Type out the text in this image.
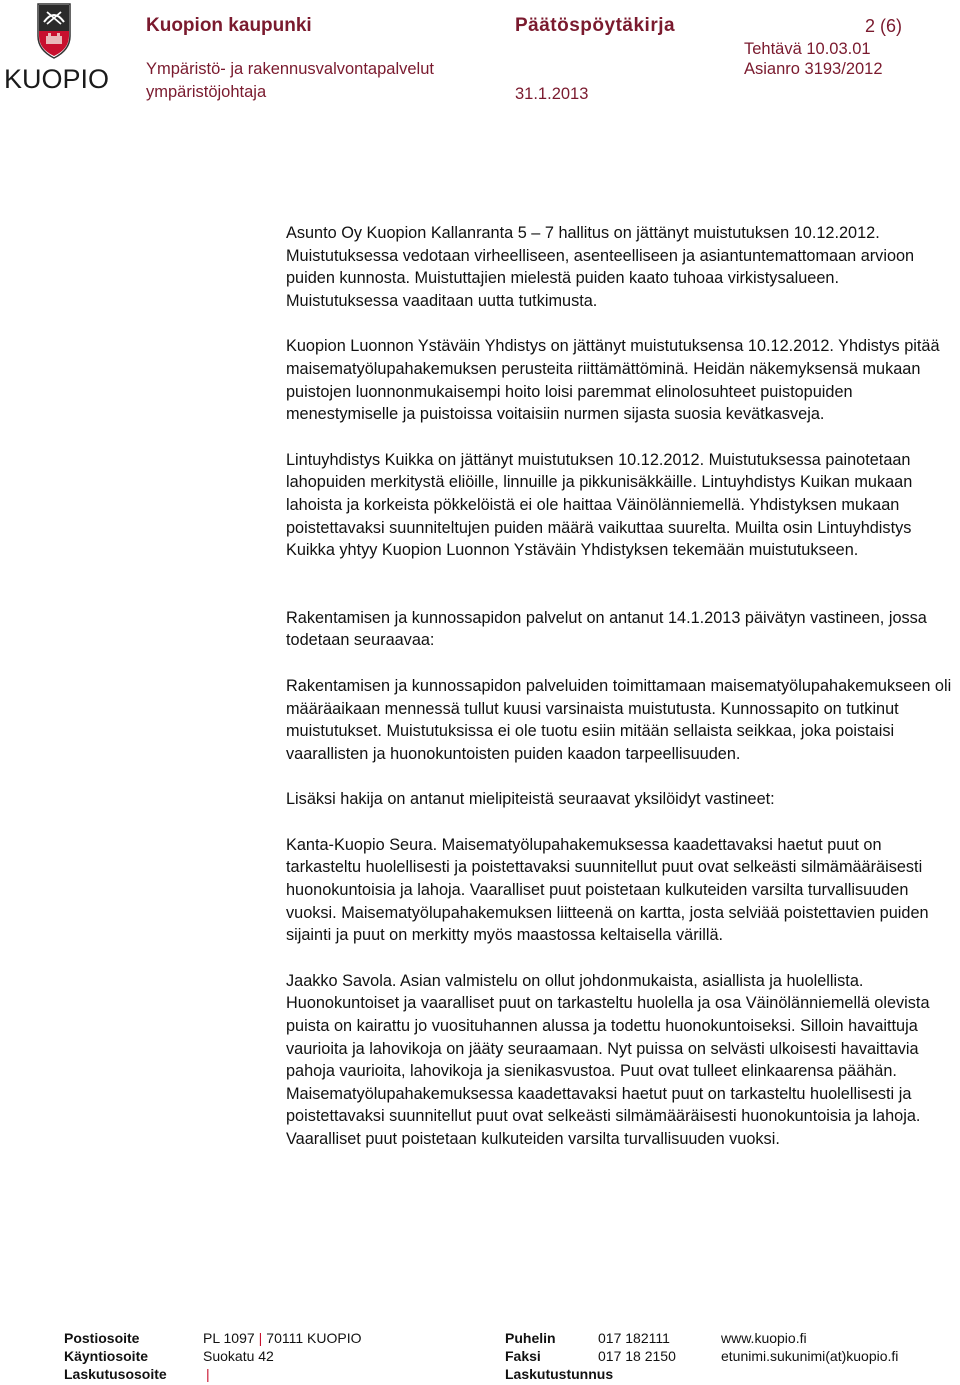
KUOPIO
Kuopion kaupunki	Päätöspöytäkirja	2 (6)
Tehtävä 10.03.01
Ympäristö- ja rakennusvalvontapalvelut	Asianro 3193/2012
ympäristöjohtaja	31.1.2013

Asunto Oy Kuopion Kallanranta 5 – 7 hallitus on jättänyt muistutuksen 10.12.2012. Muistutuksessa vedotaan virheelliseen, asenteelliseen ja asiantuntemattomaan arvioon puiden kunnosta. Muistuttajien mielestä puiden kaato tuhoaa virkistysalueen. Muistutuksessa vaaditaan uutta tutkimusta.

Kuopion Luonnon Ystäväin Yhdistys on jättänyt muistutuksensa 10.12.2012. Yhdistys pitää maisematyölupahakemuksen perusteita riittämättöminä. Heidän näkemyksensä mukaan puistojen luonnonmukaisempi hoito loisi paremmat elinolosuhteet puistopuiden menestymiselle ja puistoissa voitaisiin nurmen sijasta suosia kevätkasveja.

Lintuyhdistys Kuikka on jättänyt muistutuksen 10.12.2012. Muistutuksessa painotetaan lahopuiden merkitystä eliöille, linnuille ja pikkunisäkkäille. Lintuyhdistys Kuikan mukaan lahoista ja korkeista pökkelöistä ei ole haittaa Väinölänniemellä. Yhdistyksen mukaan poistettavaksi suunniteltujen puiden määrä vaikuttaa suurelta. Muilta osin Lintuyhdistys Kuikka yhtyy Kuopion Luonnon Ystäväin Yhdistyksen tekemään muistutukseen.

Rakentamisen ja kunnossapidon palvelut on antanut 14.1.2013 päivätyn vastineen, jossa todetaan seuraavaa:

Rakentamisen ja kunnossapidon palveluiden toimittamaan maisematyölupahakemukseen oli määräaikaan mennessä tullut kuusi varsinaista muistutusta. Kunnossapito on tutkinut muistutukset. Muistutuksissa ei ole tuotu esiin mitään sellaista seikkaa, joka poistaisi vaarallisten ja huonokuntoisten puiden kaadon tarpeellisuuden.

Lisäksi hakija on antanut mielipiteistä seuraavat yksilöidyt vastineet:

Kanta-Kuopio Seura. Maisematyölupahakemuksessa kaadettavaksi haetut puut on tarkasteltu huolellisesti ja poistettavaksi suunnitellut puut ovat selkeästi silmämääräisesti huonokuntoisia ja lahoja. Vaaralliset puut poistetaan kulkuteiden varsilta turvallisuuden vuoksi. Maisematyölupahakemuksen liitteenä on kartta, josta selviää poistettavien puiden sijainti ja puut on merkitty myös maastossa keltaisella värillä.

Jaakko Savola. Asian valmistelu on ollut johdonmukaista, asiallista ja huolellista. Huonokuntoiset ja vaaralliset puut on tarkasteltu huolella ja osa Väinölänniemellä olevista puista on kairattu jo vuosituhannen alussa ja todettu huonokuntoiseksi. Silloin havaittuja vaurioita ja lahovikoja on jääty seuraamaan. Nyt puissa on selvästi ulkoisesti havaittavia pahoja vaurioita, lahovikoja ja sienikasvustoa. Puut ovat tulleet elinkaarensa päähän. Maisematyölupahakemuksessa kaadettavaksi haetut puut on tarkasteltu huolellisesti ja poistettavaksi suunnitellut puut ovat selkeästi silmämääräisesti huonokuntoisia ja lahoja. Vaaralliset puut poistetaan kulkuteiden varsilta turvallisuuden vuoksi.

Postiosoite	PL 1097 | 70111 KUOPIO	Puhelin	017 182111	www.kuopio.fi
Käyntiosoite	Suokatu 42	Faksi	017 18 2150	etunimi.sukunimi(at)kuopio.fi
Laskutusosoite	|	Laskutustunnus
